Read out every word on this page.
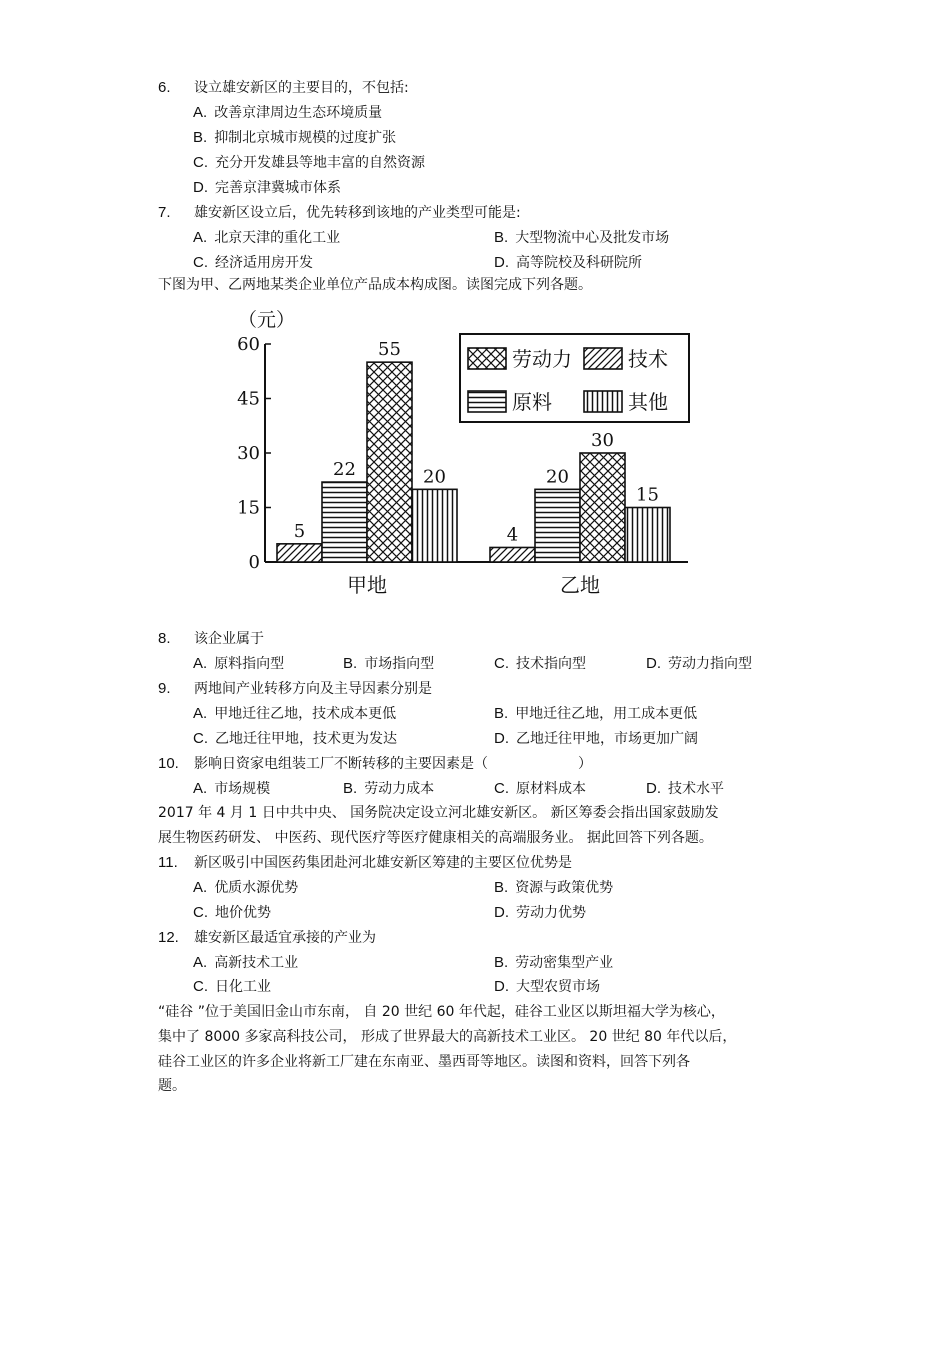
6. 设立雄安新区的主要目的，不包括:
A. 改善京津周边生态环境质量
B. 抑制北京城市规模的过度扩张
C. 充分开发雄县等地丰富的自然资源
D. 完善京津冀城市体系
7. 雄安新区设立后，优先转移到该地的产业类型可能是:
A. 北京天津的重化工业	B. 大型物流中心及批发市场
C. 经济适用房开发	D. 高等院校及科研院所
下图为甲、乙两地某类企业单位产品成本构成图。读图完成下列各题。
（元）
0
15
30
45
60
5
22
55
20
甲地
4
20
30
15
乙地
劳动力	技术
原料	其他
8. 该企业属于
A. 原料指向型	B. 市场指向型	C. 技术指向型	D. 劳动力指向型
9. 两地间产业转移方向及主导因素分别是
A. 甲地迁往乙地，技术成本更低	B. 甲地迁往乙地，用工成本更低
C. 乙地迁往甲地，技术更为发达	D. 乙地迁往甲地，市场更加广阔
10. 影响日资家电组装工厂不断转移的主要因素是（	）
A. 市场规模	B. 劳动力成本	C. 原材料成本	D. 技术水平
2017 年 4 月 1 日中共中央、 国务院决定设立河北雄安新区。 新区筹委会指出国家鼓励发
展生物医药研发、 中医药、现代医疗等医疗健康相关的高端服务业。 据此回答下列各题。
11. 新区吸引中国医药集团赴河北雄安新区筹建的主要区位优势是
A. 优质水源优势	B. 资源与政策优势
C. 地价优势	D. 劳动力优势
12. 雄安新区最适宜承接的产业为
A. 高新技术工业	B. 劳动密集型产业
C. 日化工业	D. 大型农贸市场
“硅谷 ”位于美国旧金山市东南， 自 20 世纪 60 年代起，硅谷工业区以斯坦福大学为核心，
集中了 8000 多家高科技公司， 形成了世界最大的高新技术工业区。 20 世纪 80 年代以后，
硅谷工业区的许多企业将新工厂建在东南亚、墨西哥等地区。读图和资料，回答下列各
题。
